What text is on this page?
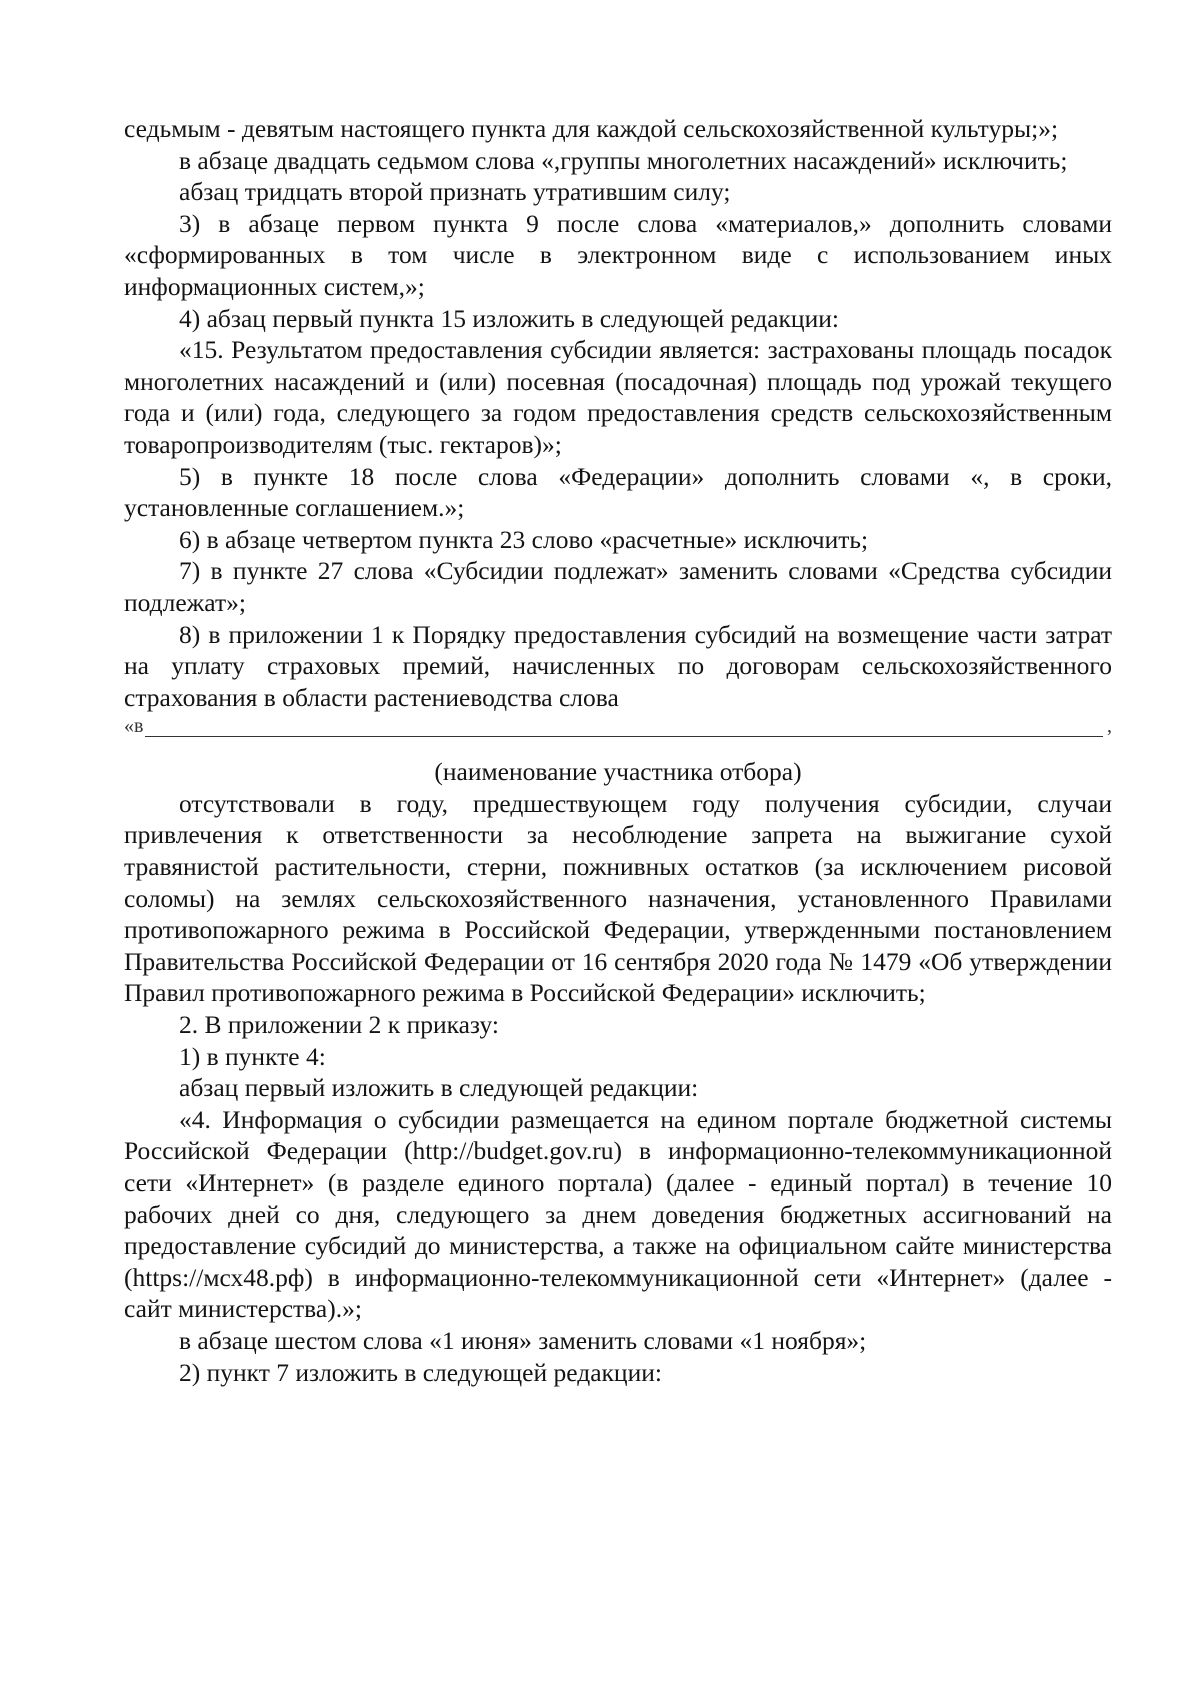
седьмым - девятым настоящего пункта для каждой сельскохозяйственной культуры;»;

в абзаце двадцать седьмом слова «,группы многолетних насаждений» исключить;

абзац тридцать второй признать утратившим силу;

3) в абзаце первом пункта 9 после слова «материалов,» дополнить словами «сформированных в том числе в электронном виде с использованием иных информационных систем,»;

4) абзац первый пункта 15 изложить в следующей редакции:

«15. Результатом предоставления субсидии является: застрахованы площадь посадок многолетних насаждений и (или) посевная (посадочная) площадь под урожай текущего года и (или) года, следующего за годом предоставления средств сельскохозяйственным товаропроизводителям (тыс. гектаров)»;

5) в пункте 18 после слова «Федерации» дополнить словами «, в сроки, установленные соглашением.»;

6) в абзаце четвертом пункта 23 слово «расчетные» исключить;

7) в пункте 27 слова «Субсидии подлежат» заменить словами «Средства субсидии подлежат»;

8) в приложении 1 к Порядку предоставления субсидий на возмещение части затрат на уплату страховых премий, начисленных по договорам сельскохозяйственного страхования в области растениеводства слова

«в	,

(наименование участника отбора)

отсутствовали в году, предшествующем году получения субсидии, случаи привлечения к ответственности за несоблюдение запрета на выжигание сухой травянистой растительности, стерни, пожнивных остатков (за исключением рисовой соломы) на землях сельскохозяйственного назначения, установленного Правилами противопожарного режима в Российской Федерации, утвержденными постановлением Правительства Российской Федерации от 16 сентября 2020 года № 1479 «Об утверждении Правил противопожарного режима в Российской Федерации» исключить;

2. В приложении 2 к приказу:

1) в пункте 4:

абзац первый изложить в следующей редакции:

«4. Информация о субсидии размещается на едином портале бюджетной системы Российской Федерации (http://budget.gov.ru) в информационно-телекоммуникационной сети «Интернет» (в разделе единого портала) (далее - единый портал) в течение 10 рабочих дней со дня, следующего за днем доведения бюджетных ассигнований на предоставление субсидий до министерства, а также на официальном сайте министерства (https://мсх48.рф) в информационно-телекоммуникационной сети «Интернет» (далее - сайт министерства).»;

в абзаце шестом слова «1 июня» заменить словами «1 ноября»;

2) пункт 7 изложить в следующей редакции:
